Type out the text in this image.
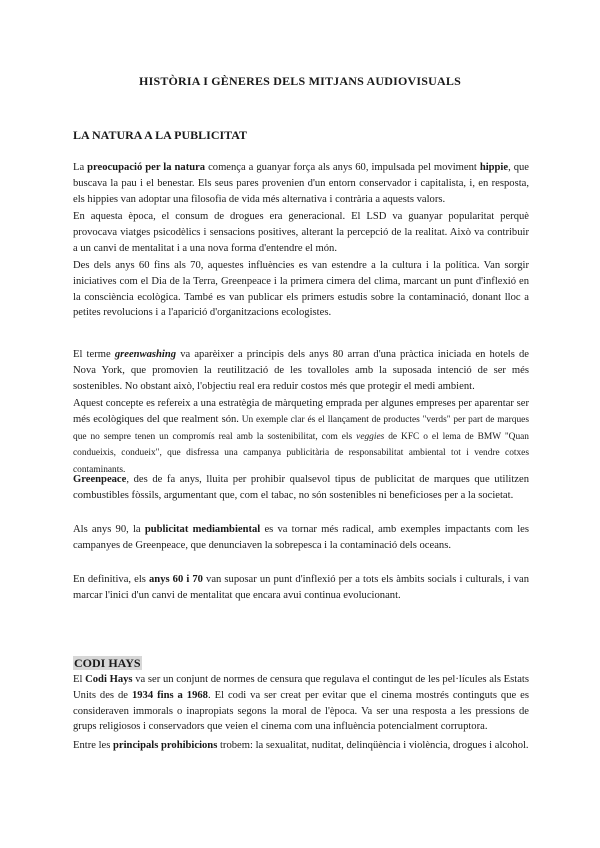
HISTÒRIA I GÈNERES DELS MITJANS AUDIOVISUALS
LA NATURA A LA PUBLICITAT

La preocupació per la natura comença a guanyar força als anys 60, impulsada pel moviment hippie, que buscava la pau i el benestar. Els seus pares provenien d'un entorn conservador i capitalista, i, en resposta, els hippies van adoptar una filosofia de vida més alternativa i contrària a aquests valors.

En aquesta època, el consum de drogues era generacional. El LSD va guanyar popularitat perquè provocava viatges psicodèlics i sensacions positives, alterant la percepció de la realitat. Això va contribuir a un canvi de mentalitat i a una nova forma d'entendre el món.

Des dels anys 60 fins als 70, aquestes influències es van estendre a la cultura i la política. Van sorgir iniciatives com el Dia de la Terra, Greenpeace i la primera cimera del clima, marcant un punt d'inflexió en la consciència ecològica. També es van publicar els primers estudis sobre la contaminació, donant lloc a petites revolucions i a l'aparició d'organitzacions ecologistes.

El terme greenwashing va aparèixer a principis dels anys 80 arran d'una pràctica iniciada en hotels de Nova York, que promovien la reutilització de les tovalloles amb la suposada intenció de ser més sostenibles. No obstant això, l'objectiu real era reduir costos més que protegir el medi ambient.

Aquest concepte es refereix a una estratègia de màrqueting emprada per algunes empreses per aparentar ser més ecològiques del que realment són. Un exemple clar és el llançament de productes "verds" per part de marques que no sempre tenen un compromís real amb la sostenibilitat, com els veggies de KFC o el lema de BMW "Quan condueixis, condueix", que disfressa una campanya publicitària de responsabilitat ambiental tot i vendre cotxes contaminants.

Greenpeace, des de fa anys, lluita per prohibir qualsevol tipus de publicitat de marques que utilitzen combustibles fòssils, argumentant que, com el tabac, no són sostenibles ni beneficioses per a la societat.

Als anys 90, la publicitat mediambiental es va tornar més radical, amb exemples impactants com les campanyes de Greenpeace, que denunciaven la sobrepesca i la contaminació dels oceans.

En definitiva, els anys 60 i 70 van suposar un punt d'inflexió per a tots els àmbits socials i culturals, i van marcar l'inici d'un canvi de mentalitat que encara avui continua evolucionant.

CODI HAYS

El Codi Hays va ser un conjunt de normes de censura que regulava el contingut de les pel·lícules als Estats Units des de 1934 fins a 1968. El codi va ser creat per evitar que el cinema mostrés continguts que es consideraven immorals o inapropiats segons la moral de l'època. Va ser una resposta a les pressions de grups religiosos i conservadors que veien el cinema com una influència potencialment corruptora.

Entre les principals prohibicions trobem: la sexualitat, nuditat, delinqüència i violència, drogues i alcohol.
